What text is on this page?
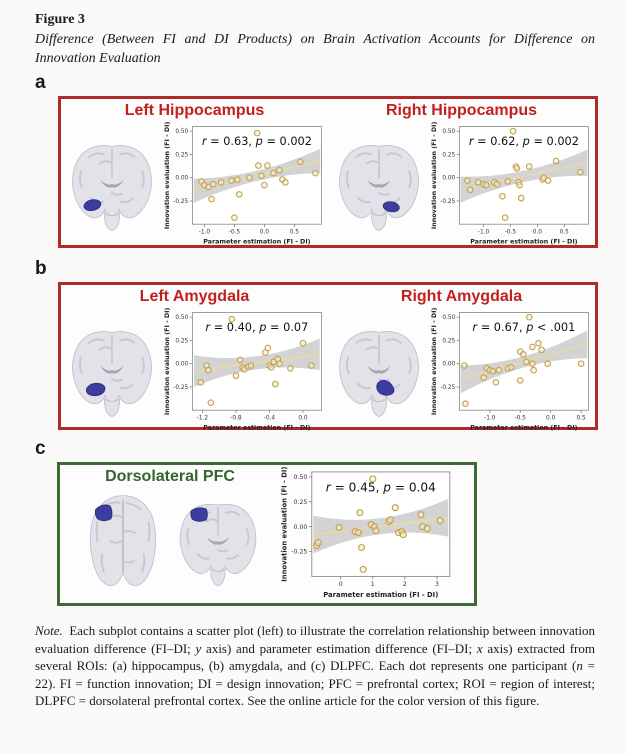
Figure 3
Difference (Between FI and DI Products) on Brain Activation Accounts for Difference on
Innovation Evaluation
a
Left Hippocampus
-1.0	-0.5	0.0	0.5
0.50
0.25
0.00
-0.25
Parameter estimation (FI - DI)
Innovation evaluation (FI - DI)	r = 0.63, p = 0.002
Right Hippocampus
-1.0 -0.5	0.0	0.5
0.50
0.25
0.00
-0.25
Parameter estimation (FI - DI)
Innovation evaluation (FI - DI)	r = 0.62, p = 0.002
b
Left Amygdala
-1.2	-0.8	-0.4	0.0
0.50
0.25
0.00
-0.25
Parameter estimation (FI - DI)
Innovation evaluation (FI - DI)	r = 0.40, p = 0.07
Right Amygdala
-1.0	-0.5	0.0	0.5
0.50
0.25
0.00
-0.25
Parameter estimation (FI - DI)
Innovation evaluation (FI - DI)	r = 0.67, p < .001
c
Dorsolateral PFC
0	1	2	3
0.50
0.25
0.00
-0.25
Parameter estimation (FI - DI)
Innovation evaluation (FI - DI)	r = 0.45, p = 0.04
Note. Each subplot contains a scatter plot (left) to illustrate the correlation relationship between innovation evaluation difference (FI–DI; y axis) and parameter estimation difference (FI–DI; x axis) extracted from several ROIs: (a) hippocampus, (b) amygdala, and (c) DLPFC. Each dot represents one participant (n = 22). FI = function innovation; DI = design innovation; PFC = prefrontal cortex; ROI = region of interest; DLPFC = dorsolateral prefrontal cortex. See the online article for the color version of this figure.
